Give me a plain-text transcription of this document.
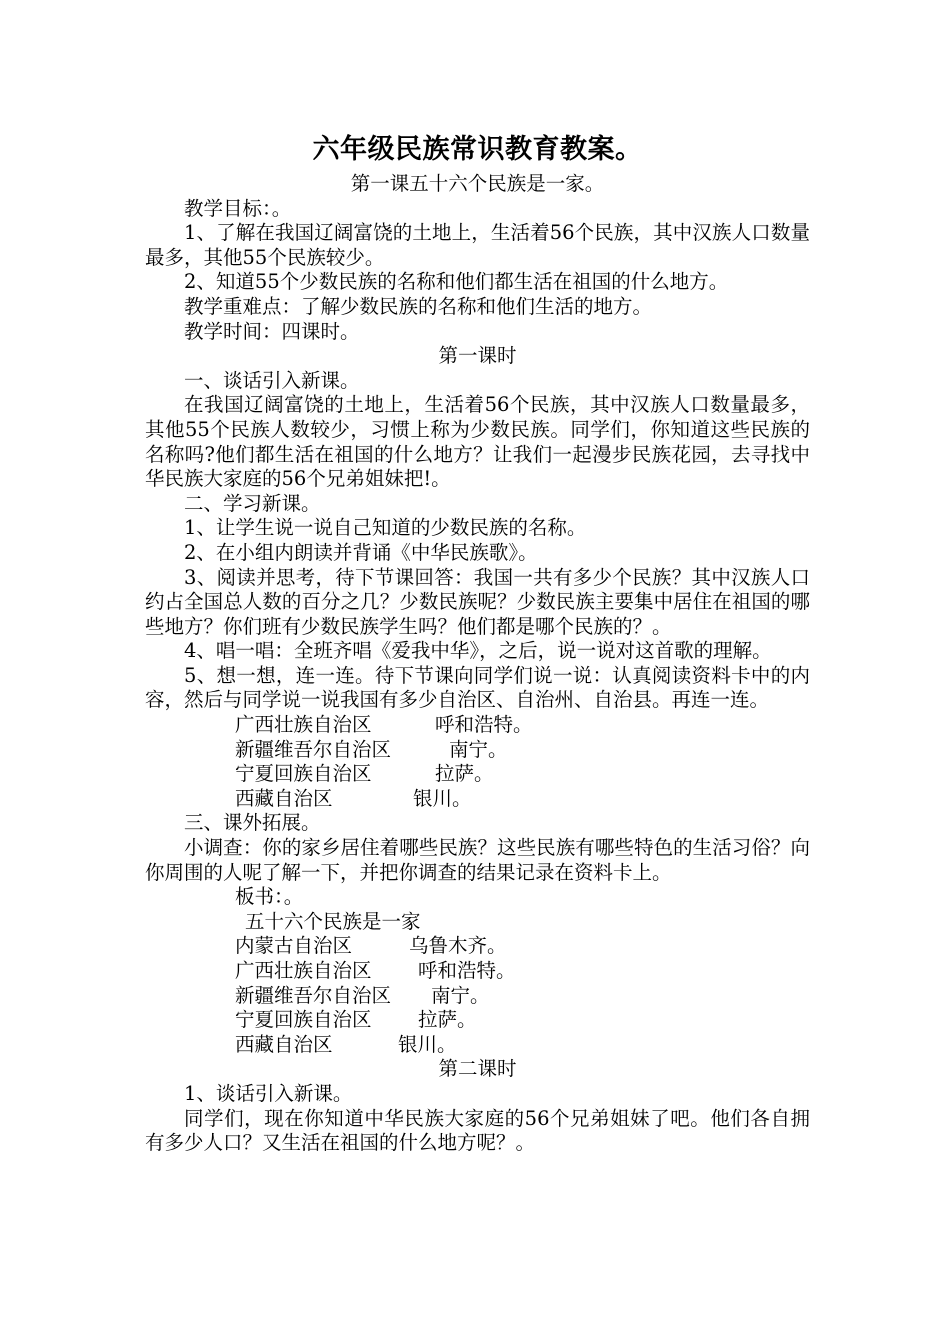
六年级民族常识教育教案。
第一课五十六个民族是一家。

教学目标：。

1、了解在我国辽阔富饶的土地上，生活着56个民族，其中汉族人口数量最多，其他55个民族较少。

2、知道55个少数民族的名称和他们都生活在祖国的什么地方。

教学重难点：了解少数民族的名称和他们生活的地方。

教学时间：四课时。

第一课时

一、谈话引入新课。

在我国辽阔富饶的土地上，生活着56个民族，其中汉族人口数量最多，其他55个民族人数较少，习惯上称为少数民族。同学们，你知道这些民族的名称吗?他们都生活在祖国的什么地方？让我们一起漫步民族花园，去寻找中华民族大家庭的56个兄弟姐妹把!。

二、学习新课。

1、让学生说一说自己知道的少数民族的名称。

2、在小组内朗读并背诵《中华民族歌》。

3、阅读并思考，待下节课回答：我国一共有多少个民族？其中汉族人口约占全国总人数的百分之几？少数民族呢？少数民族主要集中居住在祖国的哪些地方？你们班有少数民族学生吗？他们都是哪个民族的？。

4、唱一唱：全班齐唱《爱我中华》，之后，说一说对这首歌的理解。

5、想一想，连一连。待下节课向同学们说一说：认真阅读资料卡中的内容，然后与同学说一说我国有多少自治区、自治州、自治县。再连一连。

广西壮族自治区	呼和浩特。
新疆维吾尔自治区	南宁。
宁夏回族自治区	拉萨。
西藏自治区	银川。

三、课外拓展。

小调查：你的家乡居住着哪些民族？这些民族有哪些特色的生活习俗？向你周围的人呢了解一下，并把你调查的结果记录在资料卡上。

板书：。
五十六个民族是一家
内蒙古自治区	乌鲁木齐。
广西壮族自治区	呼和浩特。
新疆维吾尔自治区	南宁。
宁夏回族自治区	拉萨。
西藏自治区	银川。
第二课时

1、谈话引入新课。

同学们，现在你知道中华民族大家庭的56个兄弟姐妹了吧。他们各自拥有多少人口？又生活在祖国的什么地方呢？。
